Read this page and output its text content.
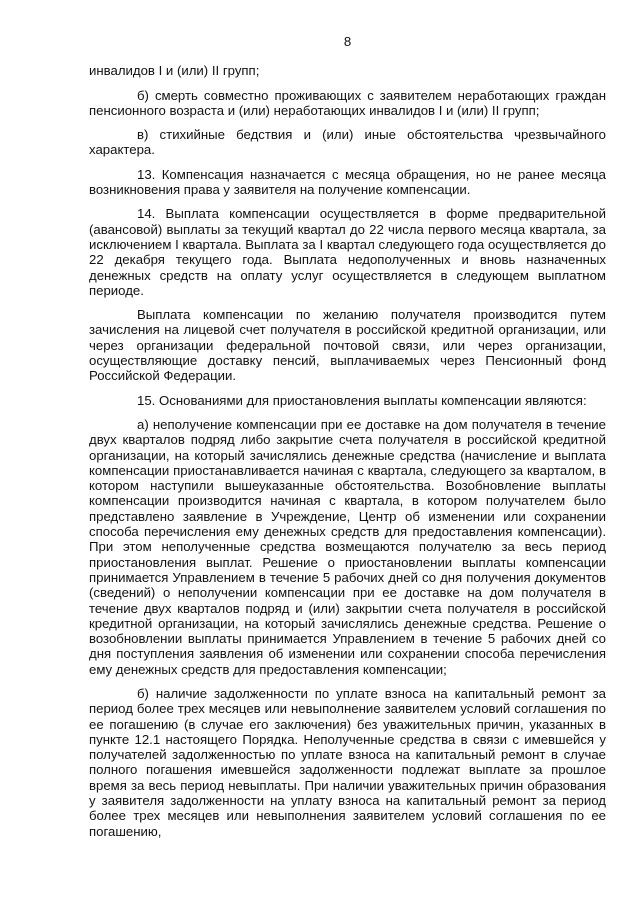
8

инвалидов I и (или) II групп;

б) смерть совместно проживающих с заявителем неработающих граждан пенсионного возраста и (или) неработающих инвалидов I и (или) II групп;

в) стихийные бедствия и (или) иные обстоятельства чрезвычайного характера.

13. Компенсация назначается с месяца обращения, но не ранее месяца возникновения права у заявителя на получение компенсации.

14. Выплата компенсации осуществляется в форме предварительной (авансовой) выплаты за текущий квартал до 22 числа первого месяца квартала, за исключением I квартала. Выплата за I квартал следующего года осуществляется до 22 декабря текущего года. Выплата недополученных и вновь назначенных денежных средств на оплату услуг осуществляется в следующем выплатном периоде.

Выплата компенсации по желанию получателя производится путем зачисления на лицевой счет получателя в российской кредитной организации, или через организации федеральной почтовой связи, или через организации, осуществляющие доставку пенсий, выплачиваемых через Пенсионный фонд Российской Федерации.

15. Основаниями для приостановления выплаты компенсации являются:

а) неполучение компенсации при ее доставке на дом получателя в течение двух кварталов подряд либо закрытие счета получателя в российской кредитной организации, на который зачислялись денежные средства (начисление и выплата компенсации приостанавливается начиная с квартала, следующего за кварталом, в котором наступили вышеуказанные обстоятельства. Возобновление выплаты компенсации производится начиная с квартала, в котором получателем было представлено заявление в Учреждение, Центр об изменении или сохранении способа перечисления ему денежных средств для предоставления компенсации). При этом неполученные средства возмещаются получателю за весь период приостановления выплат. Решение о приостановлении выплаты компенсации принимается Управлением в течение 5 рабочих дней со дня получения документов (сведений) о неполучении компенсации при ее доставке на дом получателя в течение двух кварталов подряд и (или) закрытии счета получателя в российской кредитной организации, на который зачислялись денежные средства. Решение о возобновлении выплаты принимается Управлением в течение 5 рабочих дней со дня поступления заявления об изменении или сохранении способа перечисления ему денежных средств для предоставления компенсации;

б) наличие задолженности по уплате взноса на капитальный ремонт за период более трех месяцев или невыполнение заявителем условий соглашения по ее погашению (в случае его заключения) без уважительных причин, указанных в пункте 12.1 настоящего Порядка. Неполученные средства в связи с имевшейся у получателей задолженностью по уплате взноса на капитальный ремонт в случае полного погашения имевшейся задолженности подлежат выплате за прошлое время за весь период невыплаты. При наличии уважительных причин образования у заявителя задолженности на уплату взноса на капитальный ремонт за период более трех месяцев или невыполнения заявителем условий соглашения по ее погашению,
